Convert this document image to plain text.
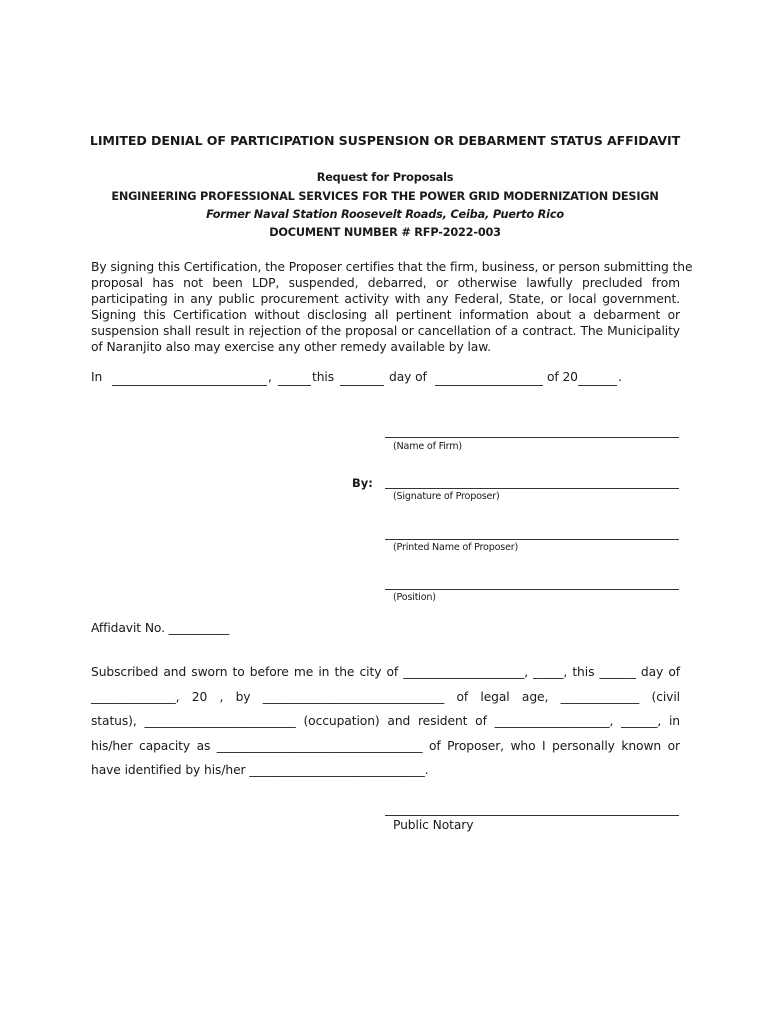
LIMITED DENIAL OF PARTICIPATION SUSPENSION OR DEBARMENT STATUS AFFIDAVIT
Request for Proposals
ENGINEERING PROFESSIONAL SERVICES FOR THE POWER GRID MODERNIZATION DESIGN
Former Naval Station Roosevelt Roads, Ceiba, Puerto Rico
DOCUMENT NUMBER # RFP-2022-003
By signing this Certification, the Proposer certifies that the firm, business, or person submitting the
proposal has not been LDP, suspended, debarred, or otherwise lawfully precluded from
participating in any public procurement activity with any Federal, State, or local government.
Signing this Certification without disclosing all pertinent information about a debarment or
suspension shall result in rejection of the proposal or cancellation of a contract. The Municipality
of Naranjito also may exercise any other remedy available by law.
In	,	this	day of	of 20	.
(Name of Firm)
By:
(Signature of Proposer)
(Printed Name of Proposer)
(Position)
Affidavit No. __________
Subscribed and sworn to before me in the city of ____________________, _____, this ______ day of
______________, 20 , by ______________________________ of legal age, _____________ (civil
status), _________________________ (occupation) and resident of ___________________, ______, in
his/her capacity as __________________________________ of Proposer, who I personally known or
have identified by his/her _____________________________.
Public Notary
